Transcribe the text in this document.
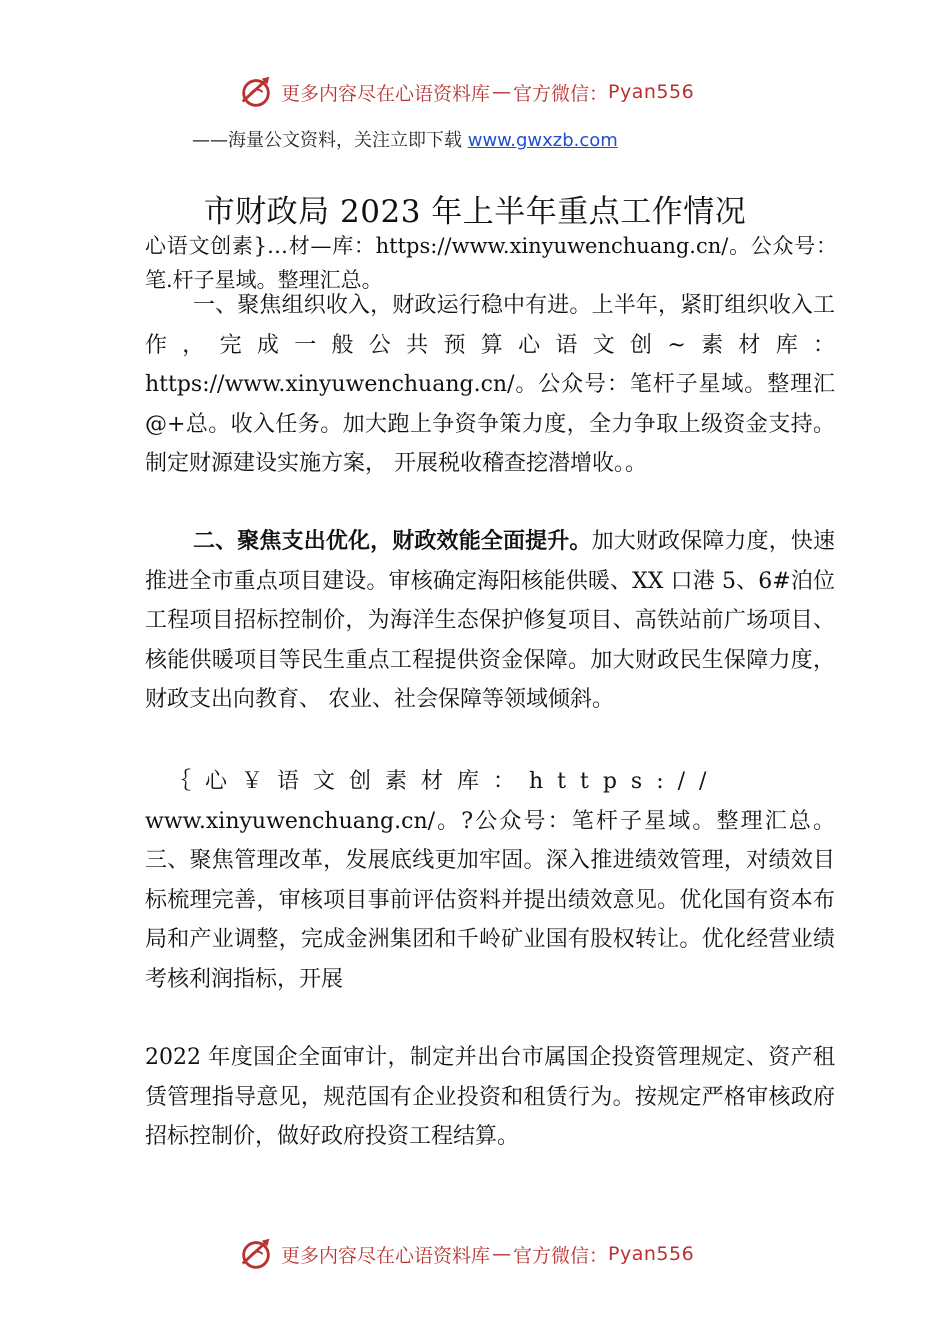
更多内容尽在心语资料库 — 官方微信： Pyan556
——海量公文资料，关注立即下载 www.gwxzb.com
市财政局 2023 年上半年重点工作情况

心语文创素}…材—库：https://www.xinyuwenchuang.cn/。公众号：笔.杆子星域。整理汇总。

一、聚焦组织收入，财政运行稳中有进。上半年，紧盯组织收入工作，完成一般公共预算心语文创~素材库：https://www.xinyuwenchuang.cn/。公众号：笔杆子星域。整理汇@+总。收入任务。加大跑上争资争策力度，全力争取上级资金支持。制定财源建设实施方案， 开展税收稽查挖潜增收。。

二、聚焦支出优化，财政效能全面提升。加大财政保障力度，快速推进全市重点项目建设。审核确定海阳核能供暖、XX 口港 5、6#泊位工程项目招标控制价，为海洋生态保护修复项目、高铁站前广场项目、核能供暖项目等民生重点工程提供资金保障。加大财政民生保障力度，财政支出向教育、 农业、社会保障等领域倾斜。

｛心￥语文创素材库：https://

www.xinyuwenchuang.cn/。?公众号：笔杆子星域。整理汇总。三、聚焦管理改革，发展底线更加牢固。深入推进绩效管理，对绩效目标梳理完善，审核项目事前评估资料并提出绩效意见。优化国有资本布局和产业调整，完成金洲集团和千岭矿业国有股权转让。优化经营业绩考核利润指标，开展

2022 年度国企全面审计，制定并出台市属国企投资管理规定、资产租赁管理指导意见，规范国有企业投资和租赁行为。按规定严格审核政府招标控制价，做好政府投资工程结算。

更多内容尽在心语资料库 — 官方微信： Pyan556
